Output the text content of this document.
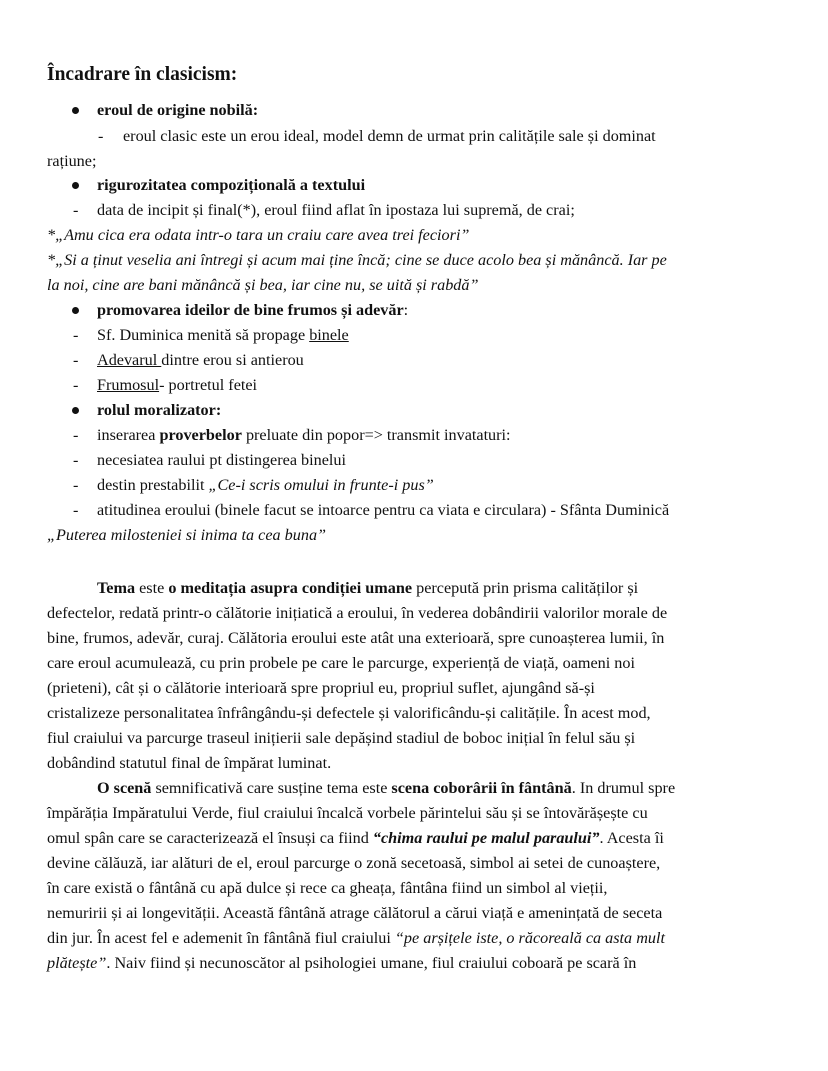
Încadrare în clasicism:
eroul de origine nobilă:
- eroul clasic este un erou ideal, model demn de urmat prin calitățile sale și dominat
rațiune;
rigurozitatea compozițională a textului
- data de incipit și final(*), eroul fiind aflat în ipostaza lui supremă, de crai;
*„Amu cica era odata intr-o tara un craiu care avea trei feciori”
*„Si a ținut veselia ani întregi și acum mai ține încă; cine se duce acolo bea și mănâncă. Iar pe
la noi, cine are bani mănâncă și bea, iar cine nu, se uită și rabdă”
promovarea ideilor de bine frumos și adevăr:
- Sf. Duminica menită să propage binele
- Adevarul dintre erou si antierou
- Frumosul- portretul fetei
rolul moralizator:
- inserarea proverbelor preluate din popor=> transmit invataturi:
- necesiatea raului pt distingerea binelui
- destin prestabilit „Ce-i scris omului in frunte-i pus”
- atitudinea eroului (binele facut se intoarce pentru ca viata e circulara) - Sfânta Duminică
„Puterea milosteniei si inima ta cea buna”
Tema este o meditația asupra condiției umane percepută prin prisma calităților și
defectelor, redată printr-o călătorie inițiatică a eroului, în vederea dobândirii valorilor morale de
bine, frumos, adevăr, curaj. Călătoria eroului este atât una exterioară, spre cunoașterea lumii, în
care eroul acumulează, cu prin probele pe care le parcurge, experiență de viață, oameni noi
(prieteni), cât și o călătorie interioară spre propriul eu, propriul suflet, ajungând să-și
cristalizeze personalitatea înfrângându-și defectele și valorificându-și calitățile. În acest mod,
fiul craiului va parcurge traseul inițierii sale depășind stadiul de boboc inițial în felul său și
dobândind statutul final de împărat luminat.
O scenă semnificativă care susține tema este scena coborârii în fântână. In drumul spre
împărăția Impăratului Verde, fiul craiului încalcă vorbele părintelui său și se întovărășește cu
omul spân care se caracterizează el însuși ca fiind “chima raului pe malul paraului”. Acesta îi
devine călăuză, iar alături de el, eroul parcurge o zonă secetoasă, simbol ai setei de cunoaștere,
în care există o fântână cu apă dulce și rece ca gheața, fântâna fiind un simbol al vieții,
nemuririi și ai longevității. Această fântână atrage călătorul a cărui viață e amenințată de seceta
din jur. În acest fel e ademenit în fântână fiul craiului “pe arșițele iste, o răcoreală ca asta mult
plătește”. Naiv fiind și necunoscător al psihologiei umane, fiul craiului coboară pe scară în
